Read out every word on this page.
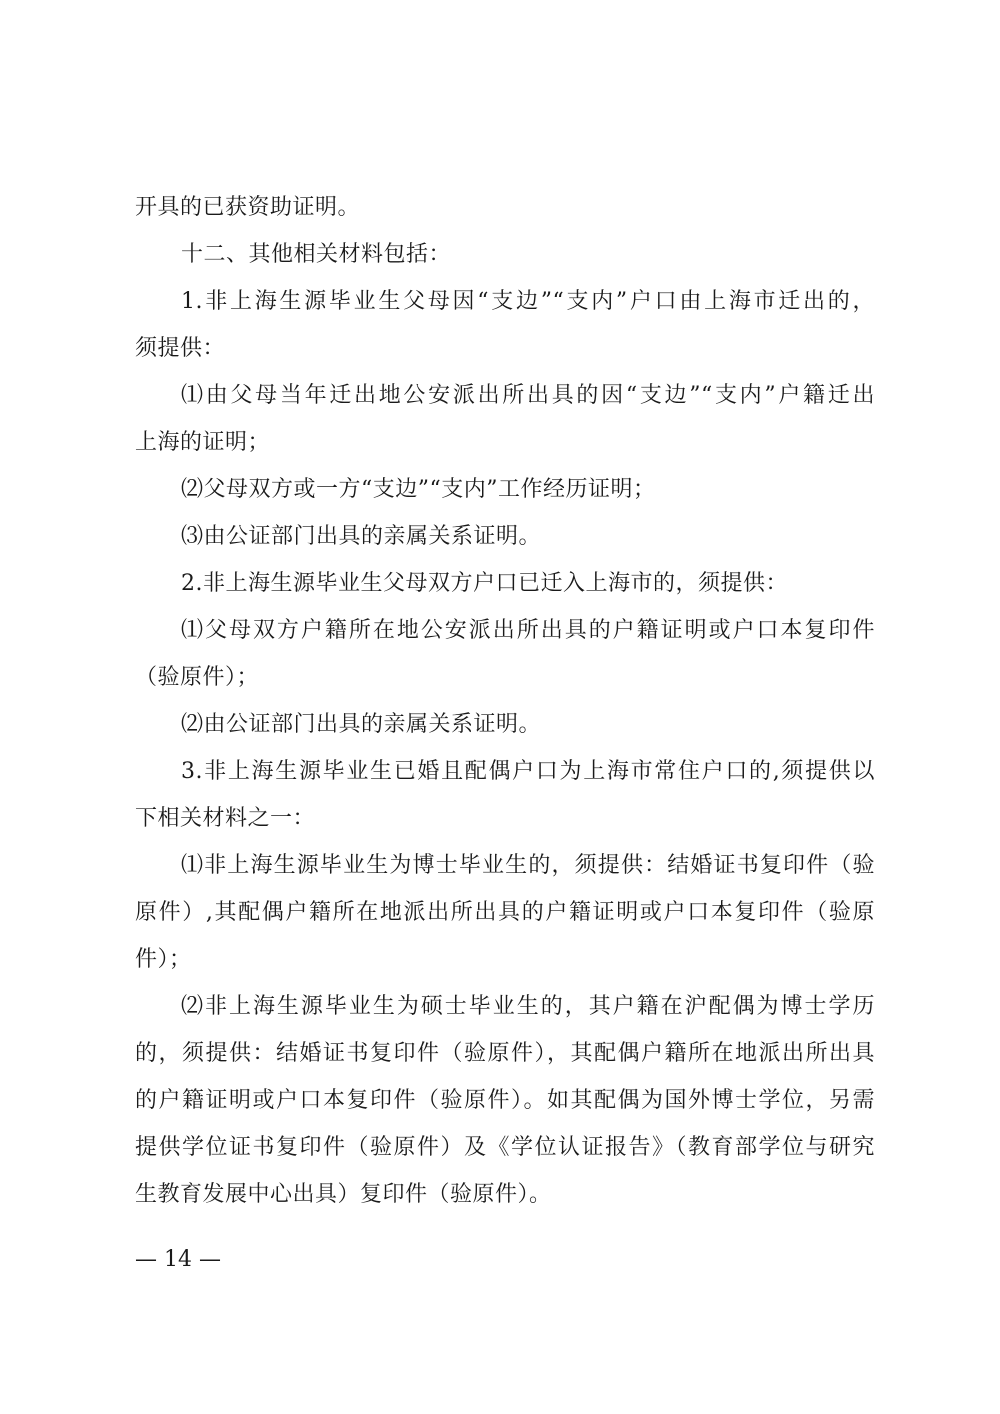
开具的已获资助证明。
十二、其他相关材料包括：
1.非上海生源毕业生父母因“支边”“支内”户口由上海市迁出的，
须提供：
⑴由父母当年迁出地公安派出所出具的因“支边”“支内”户籍迁出
上海的证明；
⑵父母双方或一方“支边”“支内”工作经历证明；
⑶由公证部门出具的亲属关系证明。
2.非上海生源毕业生父母双方户口已迁入上海市的，须提供：
⑴父母双方户籍所在地公安派出所出具的户籍证明或户口本复印件
（验原件）；
⑵由公证部门出具的亲属关系证明。
3.非上海生源毕业生已婚且配偶户口为上海市常住户口的,须提供以
下相关材料之一：
⑴非上海生源毕业生为博士毕业生的，须提供：结婚证书复印件（验
原件）,其配偶户籍所在地派出所出具的户籍证明或户口本复印件（验原
件）；
⑵非上海生源毕业生为硕士毕业生的，其户籍在沪配偶为博士学历
的，须提供：结婚证书复印件（验原件），其配偶户籍所在地派出所出具
的户籍证明或户口本复印件（验原件）。如其配偶为国外博士学位，另需
提供学位证书复印件（验原件）及《学位认证报告》（教育部学位与研究
生教育发展中心出具）复印件（验原件）。
— 14 —
